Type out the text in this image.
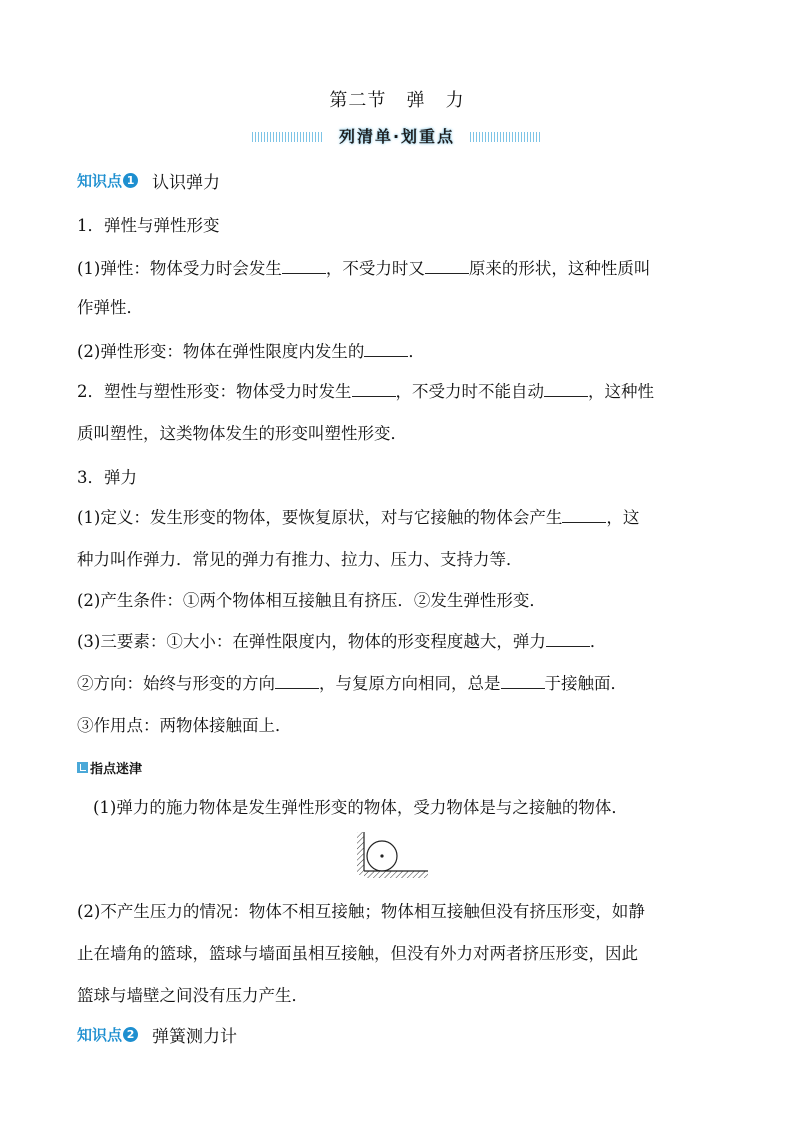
第二节   弹   力
列清单·划重点
知识点 1 认识弹力
1．弹性与弹性形变
(1)弹性：物体受力时会发生	，不受力时又	原来的形状，这种性质叫
作弹性．
(2)弹性形变：物体在弹性限度内发生的	．
2．塑性与塑性形变：物体受力时发生	，不受力时不能自动	，这种性
质叫塑性，这类物体发生的形变叫塑性形变．
3．弹力
(1)定义：发生形变的物体，要恢复原状，对与它接触的物体会产生	，这
种力叫作弹力．常见的弹力有推力、拉力、压力、支持力等．
(2)产生条件：①两个物体相互接触且有挤压．②发生弹性形变．
(3)三要素：①大小：在弹性限度内，物体的形变程度越大，弹力	．
②方向：始终与形变的方向	，与复原方向相同，总是	于接触面．
③作用点：两物体接触面上．
指点迷津
(1)弹力的施力物体是发生弹性形变的物体，受力物体是与之接触的物体．
(2)不产生压力的情况：物体不相互接触；物体相互接触但没有挤压形变，如静
止在墙角的篮球，篮球与墙面虽相互接触，但没有外力对两者挤压形变，因此
篮球与墙壁之间没有压力产生．
知识点 2 弹簧测力计
